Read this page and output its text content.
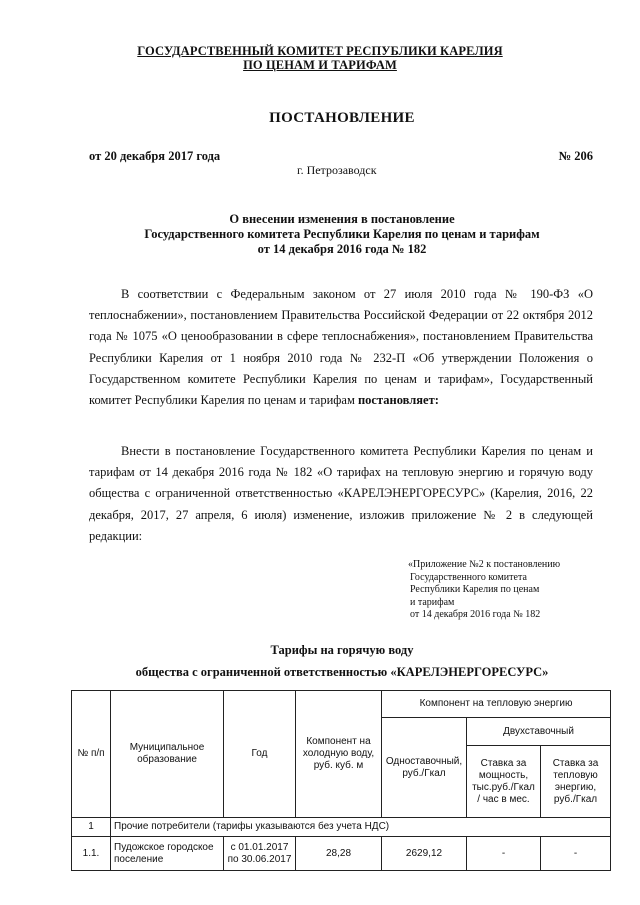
ГОСУДАРСТВЕННЫЙ КОМИТЕТ РЕСПУБЛИКИ КАРЕЛИЯ
ПО ЦЕНАМ И ТАРИФАМ
ПОСТАНОВЛЕНИЕ
от 20 декабря 2017 года	№ 206
г. Петрозаводск
О внесении изменения в постановление
Государственного комитета Республики Карелия по ценам и тарифам
от 14 декабря 2016 года № 182
В соответствии с Федеральным законом от 27 июля 2010 года № 190-ФЗ «О теплоснабжении», постановлением Правительства Российской Федерации от 22 октября 2012 года № 1075 «О ценообразовании в сфере теплоснабжения», постановлением Правительства Республики Карелия от 1 ноября 2010 года № 232-П «Об утверждении Положения о Государственном комитете Республики Карелия по ценам и тарифам», Государственный комитет Республики Карелия по ценам и тарифам постановляет:
Внести в постановление Государственного комитета Республики Карелия по ценам и тарифам от 14 декабря 2016 года № 182 «О тарифах на тепловую энергию и горячую воду общества с ограниченной ответственностью «КАРЕЛЭНЕРГОРЕСУРС» (Карелия, 2016, 22 декабря, 2017, 27 апреля, 6 июля) изменение, изложив приложение № 2 в следующей редакции:
«Приложение №2 к постановлению
Государственного комитета
Республики Карелия по ценам
и тарифам
от 14 декабря 2016 года № 182
Тарифы на горячую воду
общества с ограниченной ответственностью «КАРЕЛЭНЕРГОРЕСУРС»
№ п/п	Муниципальное образование	Год	Компонент на холодную воду, руб. куб. м	Компонент на тепловую энергию		
				Одноставочный, руб./Гкал	Двухставочный	
					Ставка за мощность, тыс.руб./Гкал / час в мес.	Ставка за тепловую энергию, руб./Гкал
1	Прочие потребители (тарифы указываются без учета НДС)					
1.1.	Пудожское городское поселение	с 01.01.2017 по 30.06.2017	28,28	2629,12	-	-
